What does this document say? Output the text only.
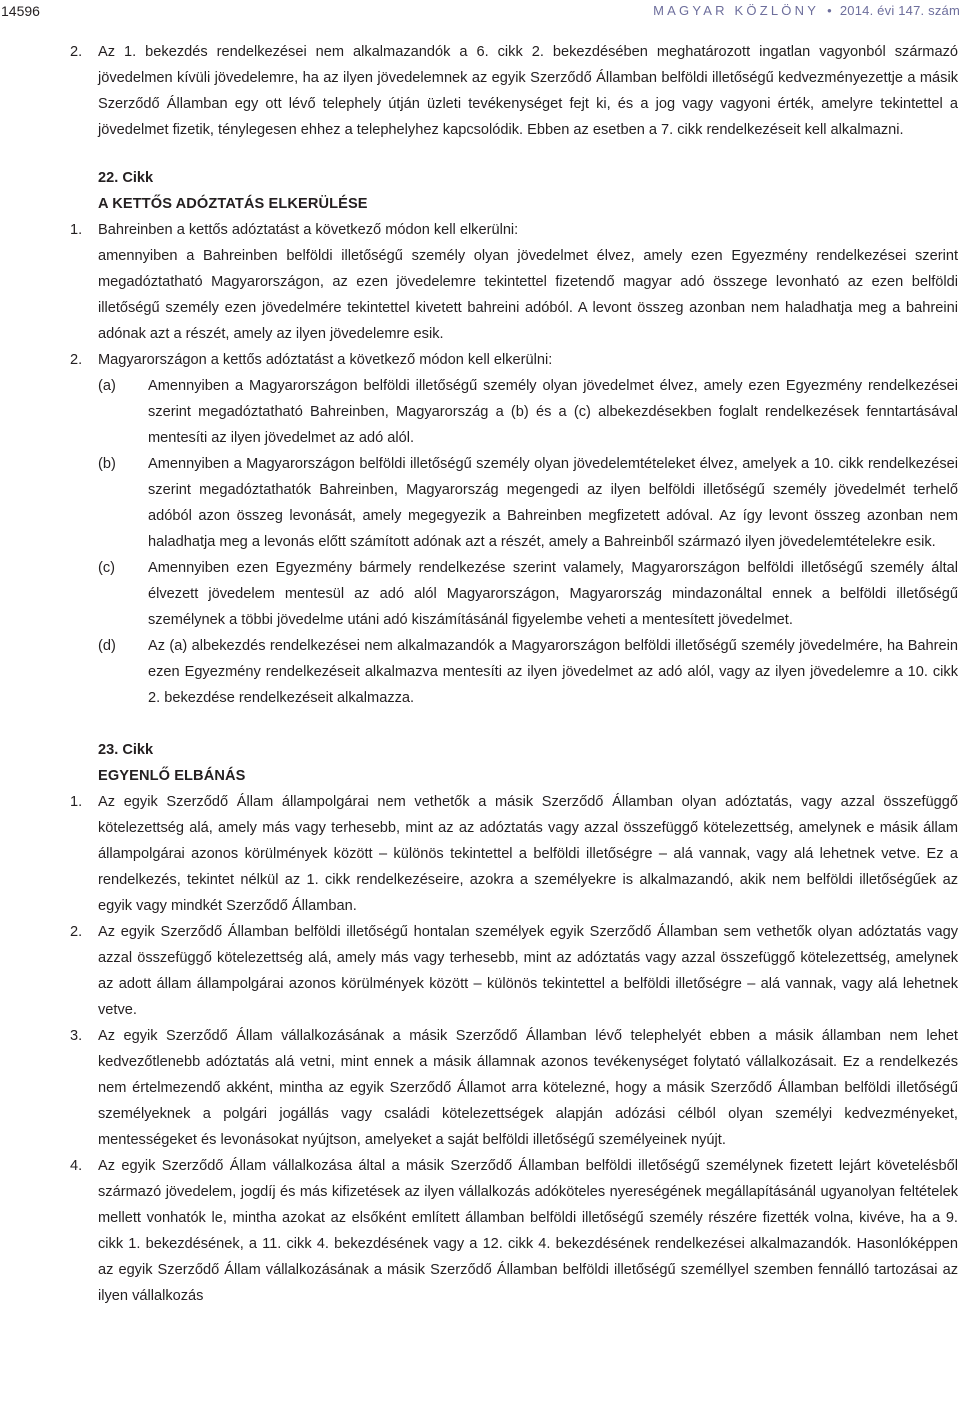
14596	MAGYAR KÖZLÖNY • 2014. évi 147. szám
2.	Az 1. bekezdés rendelkezései nem alkalmazandók a 6. cikk 2. bekezdésében meghatározott ingatlan vagyonból származó jövedelmen kívüli jövedelemre, ha az ilyen jövedelemnek az egyik Szerződő Államban belföldi illetőségű kedvezményezettje a másik Szerződő Államban egy ott lévő telephely útján üzleti tevékenységet fejt ki, és a jog vagy vagyoni érték, amelyre tekintettel a jövedelmet fizetik, ténylegesen ehhez a telephelyhez kapcsolódik. Ebben az esetben a 7. cikk rendelkezéseit kell alkalmazni.
22. Cikk
A KETTŐS ADÓZTATÁS ELKERÜLÉSE
1.	Bahreinben a kettős adóztatást a következő módon kell elkerülni:
amennyiben a Bahreinben belföldi illetőségű személy olyan jövedelmet élvez, amely ezen Egyezmény rendelkezései szerint megadóztatható Magyarországon, az ezen jövedelemre tekintettel fizetendő magyar adó összege levonható az ezen belföldi illetőségű személy ezen jövedelmére tekintettel kivetett bahreini adóból. A levont összeg azonban nem haladhatja meg a bahreini adónak azt a részét, amely az ilyen jövedelemre esik.
2.	Magyarországon a kettős adóztatást a következő módon kell elkerülni:
(a)	Amennyiben a Magyarországon belföldi illetőségű személy olyan jövedelmet élvez, amely ezen Egyezmény rendelkezései szerint megadóztatható Bahreinben, Magyarország a (b) és a (c) albekezdésekben foglalt rendelkezések fenntartásával mentesíti az ilyen jövedelmet az adó alól.
(b)	Amennyiben a Magyarországon belföldi illetőségű személy olyan jövedelemtételeket élvez, amelyek a 10. cikk rendelkezései szerint megadóztathatók Bahreinben, Magyarország megengedi az ilyen belföldi illetőségű személy jövedelmét terhelő adóból azon összeg levonását, amely megegyezik a Bahreinben megfizetett adóval. Az így levont összeg azonban nem haladhatja meg a levonás előtt számított adónak azt a részét, amely a Bahreinből származó ilyen jövedelemtételekre esik.
(c)	Amennyiben ezen Egyezmény bármely rendelkezése szerint valamely, Magyarországon belföldi illetőségű személy által élvezett jövedelem mentesül az adó alól Magyarországon, Magyarország mindazonáltal ennek a belföldi illetőségű személynek a többi jövedelme utáni adó kiszámításánál figyelembe veheti a mentesített jövedelmet.
(d)	Az (a) albekezdés rendelkezései nem alkalmazandók a Magyarországon belföldi illetőségű személy jövedelmére, ha Bahrein ezen Egyezmény rendelkezéseit alkalmazva mentesíti az ilyen jövedelmet az adó alól, vagy az ilyen jövedelemre a 10. cikk 2. bekezdése rendelkezéseit alkalmazza.
23. Cikk
EGYENLŐ ELBÁNÁS
1.	Az egyik Szerződő Állam állampolgárai nem vethetők a másik Szerződő Államban olyan adóztatás, vagy azzal összefüggő kötelezettség alá, amely más vagy terhesebb, mint az az adóztatás vagy azzal összefüggő kötelezettség, amelynek e másik állam állampolgárai azonos körülmények között – különös tekintettel a belföldi illetőségre – alá vannak, vagy alá lehetnek vetve. Ez a rendelkezés, tekintet nélkül az 1. cikk rendelkezéseire, azokra a személyekre is alkalmazandó, akik nem belföldi illetőségűek az egyik vagy mindkét Szerződő Államban.
2.	Az egyik Szerződő Államban belföldi illetőségű hontalan személyek egyik Szerződő Államban sem vethetők olyan adóztatás vagy azzal összefüggő kötelezettség alá, amely más vagy terhesebb, mint az adóztatás vagy azzal összefüggő kötelezettség, amelynek az adott állam állampolgárai azonos körülmények között – különös tekintettel a belföldi illetőségre – alá vannak, vagy alá lehetnek vetve.
3.	Az egyik Szerződő Állam vállalkozásának a másik Szerződő Államban lévő telephelyét ebben a másik államban nem lehet kedvezőtlenebb adóztatás alá vetni, mint ennek a másik államnak azonos tevékenységet folytató vállalkozásait. Ez a rendelkezés nem értelmezendő akként, mintha az egyik Szerződő Államot arra kötelezné, hogy a másik Szerződő Államban belföldi illetőségű személyeknek a polgári jogállás vagy családi kötelezettségek alapján adózási célból olyan személyi kedvezményeket, mentességeket és levonásokat nyújtson, amelyeket a saját belföldi illetőségű személyeinek nyújt.
4.	Az egyik Szerződő Állam vállalkozása által a másik Szerződő Államban belföldi illetőségű személynek fizetett lejárt követelésből származó jövedelem, jogdíj és más kifizetések az ilyen vállalkozás adóköteles nyereségének megállapításánál ugyanolyan feltételek mellett vonhatók le, mintha azokat az elsőként említett államban belföldi illetőségű személy részére fizették volna, kivéve, ha a 9. cikk 1. bekezdésének, a 11. cikk 4. bekezdésének vagy a 12. cikk 4. bekezdésének rendelkezései alkalmazandók. Hasonlóképpen az egyik Szerződő Állam vállalkozásának a másik Szerződő Államban belföldi illetőségű személlyel szemben fennálló tartozásai az ilyen vállalkozás
